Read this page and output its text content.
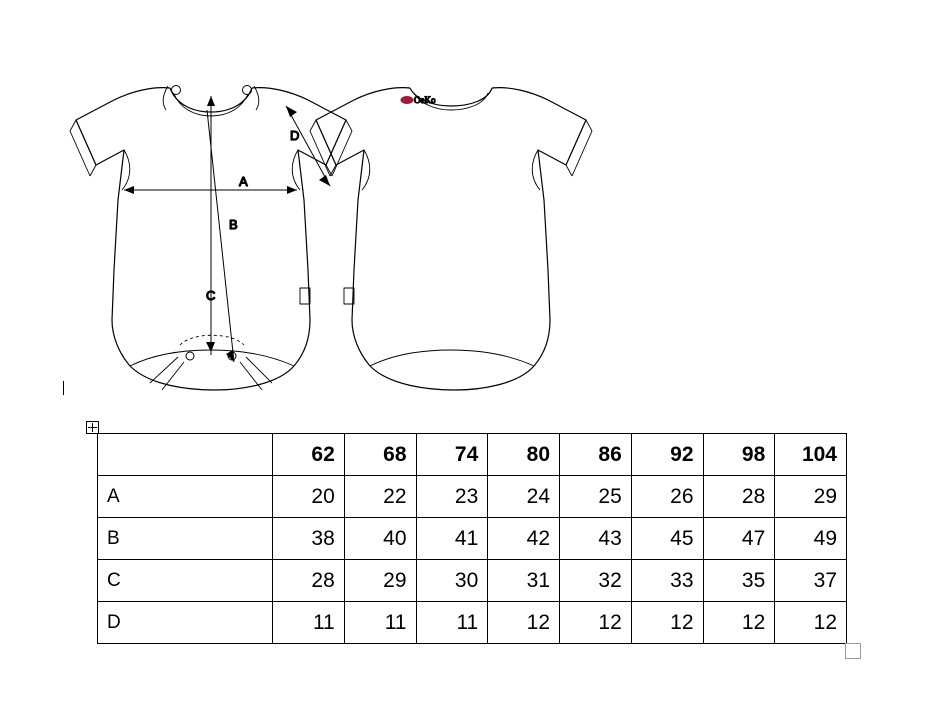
OeKo
A
B
C
D
	62	68	74	80	86	92	98	104
A	20	22	23	24	25	26	28	29
B	38	40	41	42	43	45	47	49
C	28	29	30	31	32	33	35	37
D	11	11	11	12	12	12	12	12
